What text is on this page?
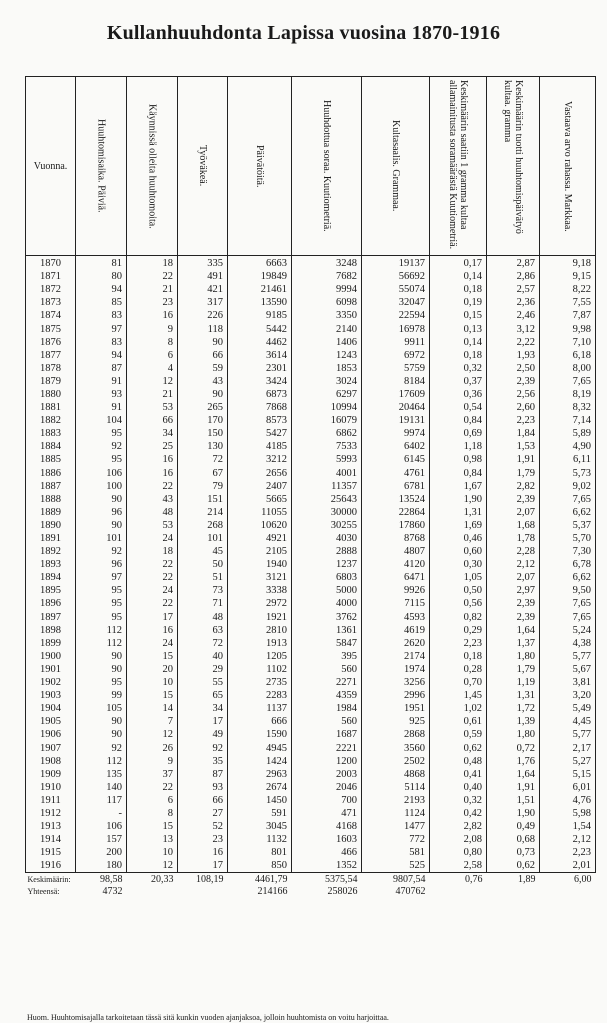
Kullanhuuhdonta Lapissa vuosina 1870-1916
Vuonna.	Huuhtomisaika. Päiviä.	Käynnissä olleita huuhtomoita.	Työväkeä.	Päivätöitä.	Huuhdottua soraa. Kuutiometriä.	Kultasaalis. Grammaa.	Keskimäärin saatiin 1 gramma kultaa allamainitusta soramäärästä Kuutiometriä.	Keskimäärin tuotti huuhtomispäivätyö kultaa. gramma	Vastaava arvo rahassa. Markkaa.

1870	81	18	335	6663	3248	19137	0,17	2,87	9,18
1871	80	22	491	19849	7682	56692	0,14	2,86	9,15
1872	94	21	421	21461	9994	55074	0,18	2,57	8,22
1873	85	23	317	13590	6098	32047	0,19	2,36	7,55
1874	83	16	226	9185	3350	22594	0,15	2,46	7,87
1875	97	9	118	5442	2140	16978	0,13	3,12	9,98
1876	83	8	90	4462	1406	9911	0,14	2,22	7,10
1877	94	6	66	3614	1243	6972	0,18	1,93	6,18
1878	87	4	59	2301	1853	5759	0,32	2,50	8,00
1879	91	12	43	3424	3024	8184	0,37	2,39	7,65
1880	93	21	90	6873	6297	17609	0,36	2,56	8,19
1881	91	53	265	7868	10994	20464	0,54	2,60	8,32
1882	104	66	170	8573	16079	19131	0,84	2,23	7,14
1883	95	34	150	5427	6862	9974	0,69	1,84	5,89
1884	92	25	130	4185	7533	6402	1,18	1,53	4,90
1885	95	16	72	3212	5993	6145	0,98	1,91	6,11
1886	106	16	67	2656	4001	4761	0,84	1,79	5,73
1887	100	22	79	2407	11357	6781	1,67	2,82	9,02
1888	90	43	151	5665	25643	13524	1,90	2,39	7,65
1889	96	48	214	11055	30000	22864	1,31	2,07	6,62
1890	90	53	268	10620	30255	17860	1,69	1,68	5,37
1891	101	24	101	4921	4030	8768	0,46	1,78	5,70
1892	92	18	45	2105	2888	4807	0,60	2,28	7,30
1893	96	22	50	1940	1237	4120	0,30	2,12	6,78
1894	97	22	51	3121	6803	6471	1,05	2,07	6,62
1895	95	24	73	3338	5000	9926	0,50	2,97	9,50
1896	95	22	71	2972	4000	7115	0,56	2,39	7,65
1897	95	17	48	1921	3762	4593	0,82	2,39	7,65
1898	112	16	63	2810	1361	4619	0,29	1,64	5,24
1899	112	24	72	1913	5847	2620	2,23	1,37	4,38
1900	90	15	40	1205	395	2174	0,18	1,80	5,77
1901	90	20	29	1102	560	1974	0,28	1,79	5,67
1902	95	10	55	2735	2271	3256	0,70	1,19	3,81
1903	99	15	65	2283	4359	2996	1,45	1,31	3,20
1904	105	14	34	1137	1984	1951	1,02	1,72	5,49
1905	90	7	17	666	560	925	0,61	1,39	4,45
1906	90	12	49	1590	1687	2868	0,59	1,80	5,77
1907	92	26	92	4945	2221	3560	0,62	0,72	2,17
1908	112	9	35	1424	1200	2502	0,48	1,76	5,27
1909	135	37	87	2963	2003	4868	0,41	1,64	5,15
1910	140	22	93	2674	2046	5114	0,40	1,91	6,01
1911	117	6	66	1450	700	2193	0,32	1,51	4,76
1912	-	8	27	591	471	1124	0,42	1,90	5,98
1913	106	15	52	3045	4168	1477	2,82	0,49	1,54
1914	157	13	23	1132	1603	772	2,08	0,68	2,12
1915	200	10	16	801	466	581	0,80	0,73	2,23
1916	180	12	17	850	1352	525	2,58	0,62	2,01
Keskimäärin:	98,58	20,33	108,19	4461,79	5375,54	9807,54	0,76	1,89	6,00
Yhteensä:	4732			214166	258026	470762			
Huom. Huuhtomisajalla tarkoitetaan tässä sitä kunkin vuoden ajanjaksoa, jolloin huuhtomista on voitu harjoittaa.
